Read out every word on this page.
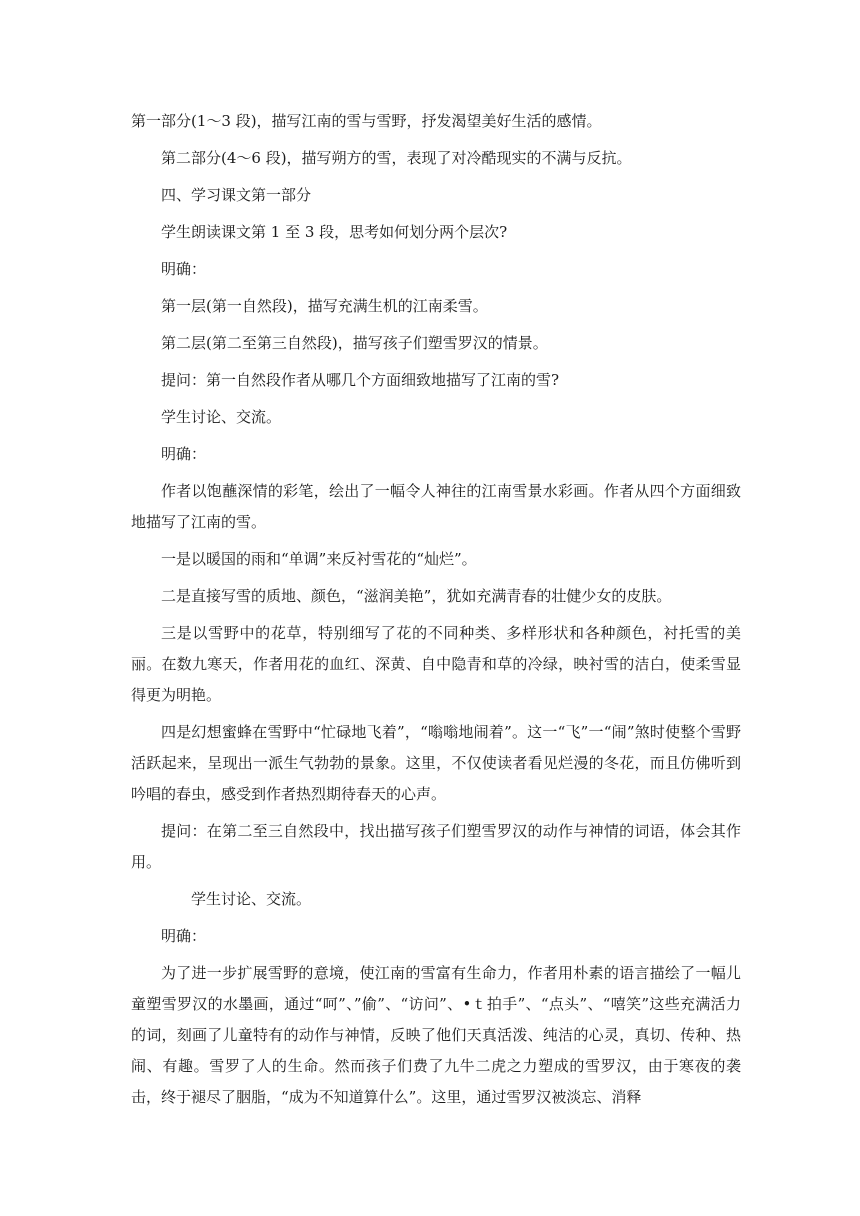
第一部分(1～3 段)，描写江南的雪与雪野，抒发渴望美好生活的感情。

第二部分(4～6 段)，描写朔方的雪，表现了对冷酷现实的不满与反抗。

四、学习课文第一部分

学生朗读课文第 1 至 3 段，思考如何划分两个层次?

明确：

第一层(第一自然段)，描写充满生机的江南柔雪。

第二层(第二至第三自然段)，描写孩子们塑雪罗汉的情景。

提问：第一自然段作者从哪几个方面细致地描写了江南的雪?

学生讨论、交流。

明确：

作者以饱蘸深情的彩笔，绘出了一幅令人神往的江南雪景水彩画。作者从四个方面细致地描写了江南的雪。

一是以暖国的雨和“单调”来反衬雪花的“灿烂”。

二是直接写雪的质地、颜色，“滋润美艳”，犹如充满青春的壮健少女的皮肤。

三是以雪野中的花草，特别细写了花的不同种类、多样形状和各种颜色，衬托雪的美丽。在数九寒天，作者用花的血红、深黄、自中隐青和草的冷绿，映衬雪的洁白，使柔雪显得更为明艳。

四是幻想蜜蜂在雪野中“忙碌地飞着”，“嗡嗡地闹着”。这一“飞”一“闹”煞时使整个雪野活跃起来，呈现出一派生气勃勃的景象。这里，不仅使读者看见烂漫的冬花，而且仿佛听到吟唱的春虫，感受到作者热烈期待春天的心声。

提问：在第二至三自然段中，找出描写孩子们塑雪罗汉的动作与神情的词语，体会其作用。

学生讨论、交流。

明确：

为了进一步扩展雪野的意境，使江南的雪富有生命力，作者用朴素的语言描绘了一幅儿童塑雪罗汉的水墨画，通过“呵”、”偷”、“访问”、•ｔ拍手”、“点头”、“嘻笑”这些充满活力的词，刻画了儿童特有的动作与神情，反映了他们天真活泼、纯洁的心灵，真切、传种、热闹、有趣。雪罗了人的生命。然而孩子们费了九牛二虎之力塑成的雪罗汉，由于寒夜的袭击，终于褪尽了胭脂，“成为不知道算什么”。这里，通过雪罗汉被淡忘、消释
